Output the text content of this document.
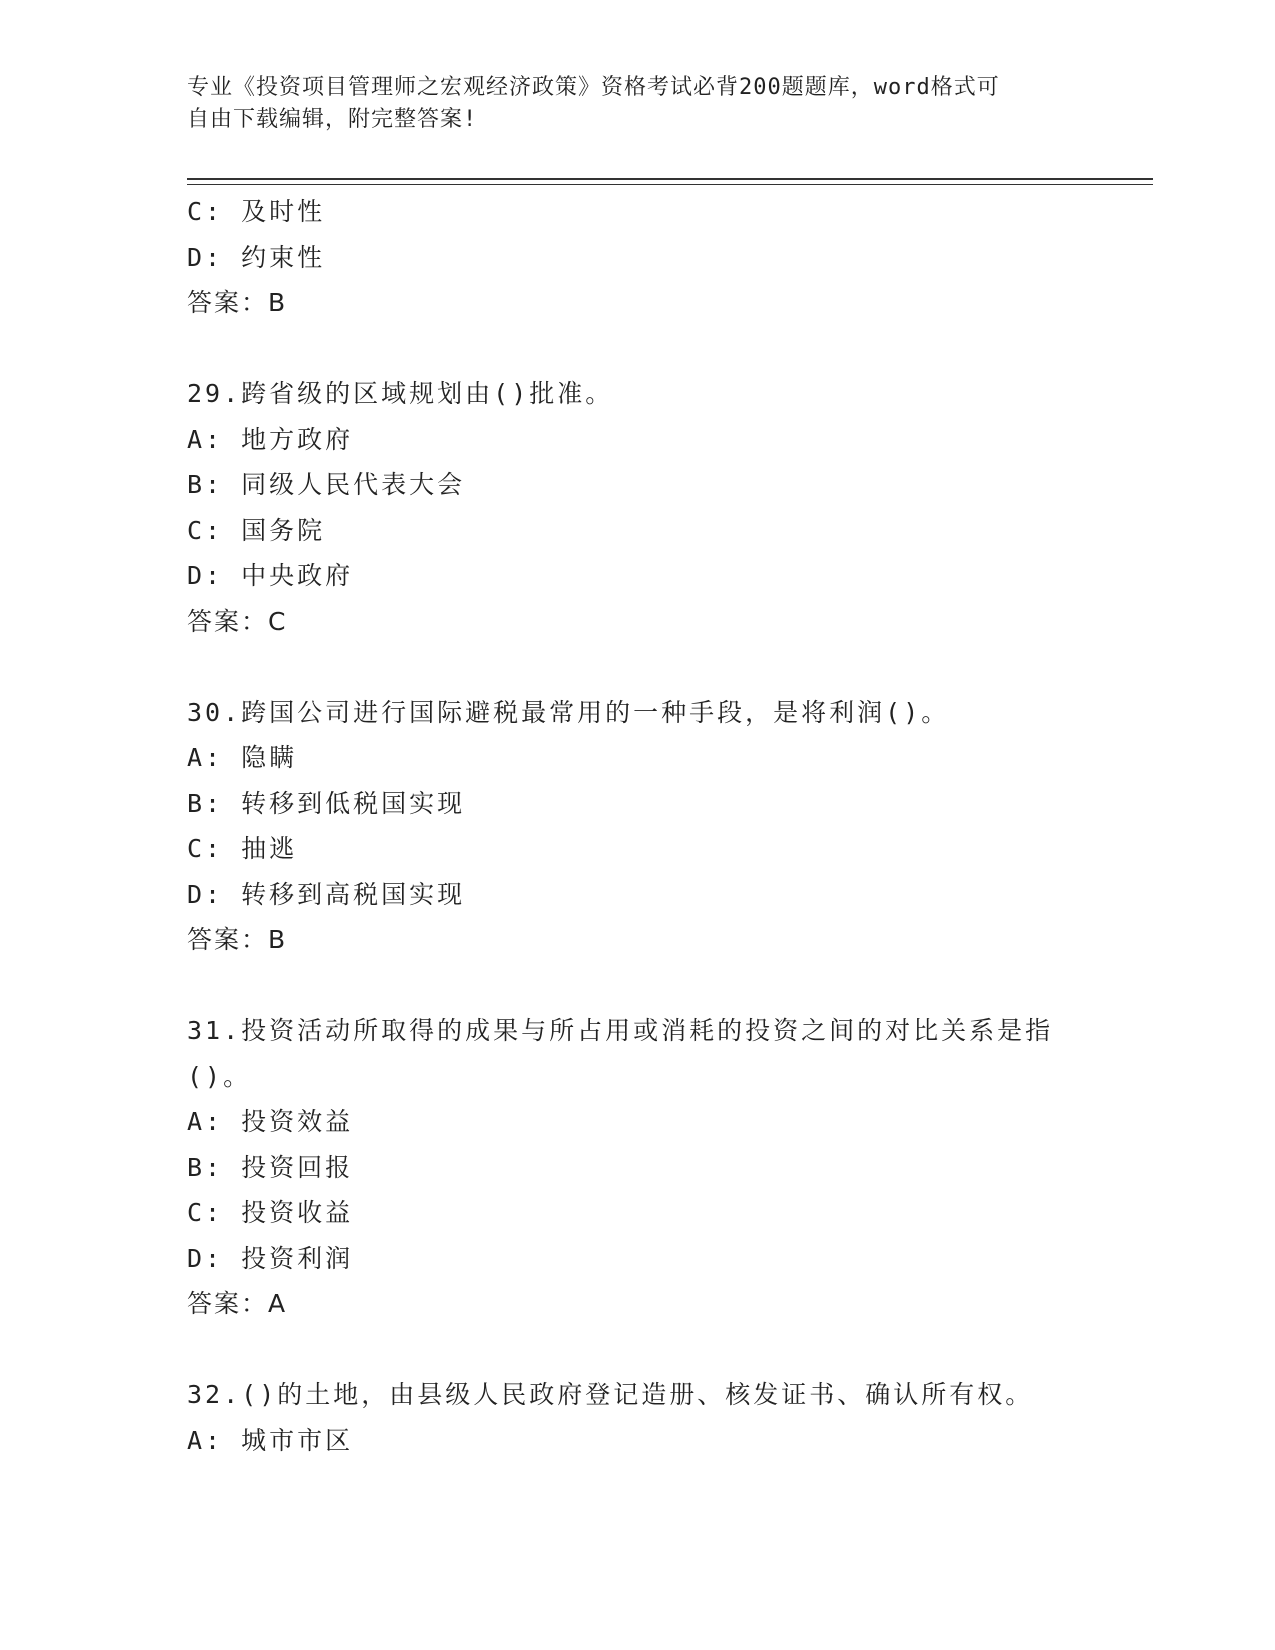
专业《投资项目管理师之宏观经济政策》资格考试必背200题题库，word格式可
自由下载编辑，附完整答案!
C: 及时性
D: 约束性
答案：B
29.跨省级的区域规划由()批准。
A: 地方政府
B: 同级人民代表大会
C: 国务院
D: 中央政府
答案：C
30.跨国公司进行国际避税最常用的一种手段，是将利润()。
A: 隐瞒
B: 转移到低税国实现
C: 抽逃
D: 转移到高税国实现
答案：B
31.投资活动所取得的成果与所占用或消耗的投资之间的对比关系是指
()。
A: 投资效益
B: 投资回报
C: 投资收益
D: 投资利润
答案：A
32.()的土地，由县级人民政府登记造册、核发证书、确认所有权。
A: 城市市区
